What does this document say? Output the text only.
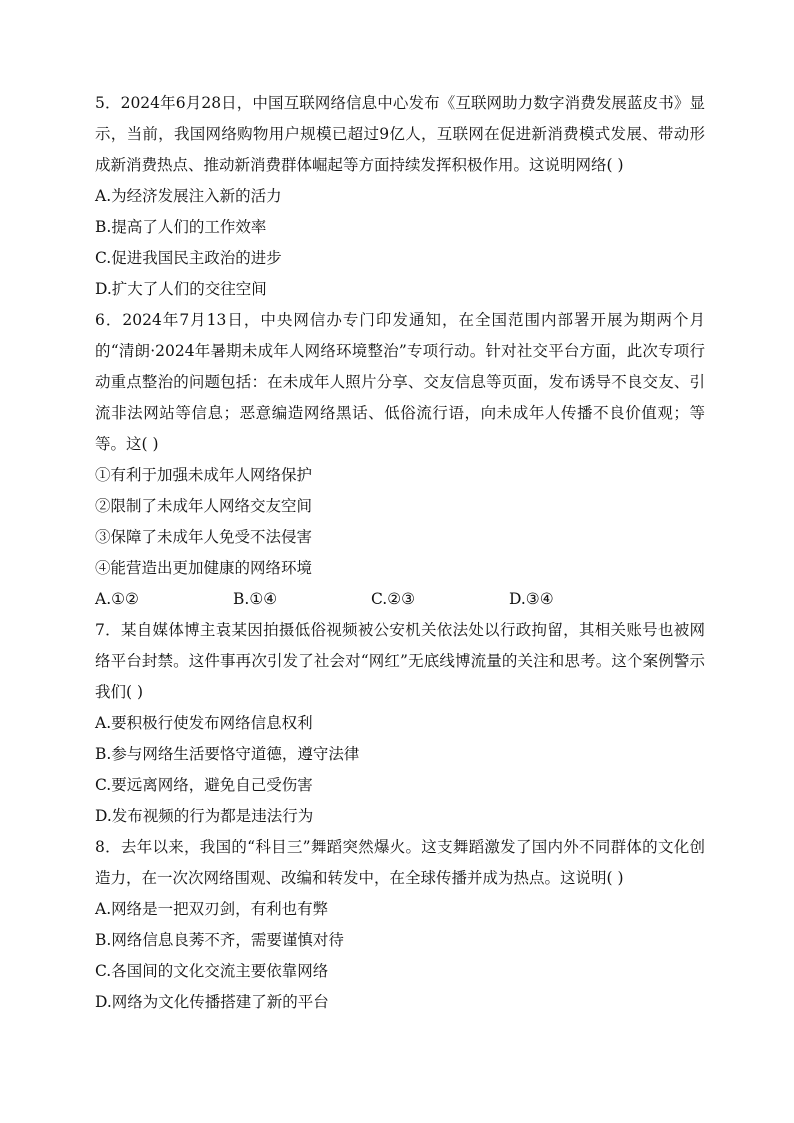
5．2024年6月28日，中国互联网络信息中心发布《互联网助力数字消费发展蓝皮书》显示，当前，我国网络购物用户规模已超过9亿人，互联网在促进新消费模式发展、带动形成新消费热点、推动新消费群体崛起等方面持续发挥积极作用。这说明网络( )

A.为经济发展注入新的活力

B.提高了人们的工作效率

C.促进我国民主政治的进步

D.扩大了人们的交往空间

6．2024年7月13日，中央网信办专门印发通知，在全国范围内部署开展为期两个月的“清朗·2024年暑期未成年人网络环境整治”专项行动。针对社交平台方面，此次专项行动重点整治的问题包括：在未成年人照片分享、交友信息等页面，发布诱导不良交友、引流非法网站等信息；恶意编造网络黑话、低俗流行语，向未成年人传播不良价值观；等等。这( )

①有利于加强未成年人网络保护

②限制了未成年人网络交友空间

③保障了未成年人免受不法侵害

④能营造出更加健康的网络环境

A.①②	B.①④	C.②③	D.③④

7．某自媒体博主袁某因拍摄低俗视频被公安机关依法处以行政拘留，其相关账号也被网络平台封禁。这件事再次引发了社会对“网红”无底线博流量的关注和思考。这个案例警示我们( )

A.要积极行使发布网络信息权利

B.参与网络生活要恪守道德，遵守法律

C.要远离网络，避免自己受伤害

D.发布视频的行为都是违法行为

8．去年以来，我国的“科目三”舞蹈突然爆火。这支舞蹈激发了国内外不同群体的文化创造力，在一次次网络围观、改编和转发中，在全球传播并成为热点。这说明( )

A.网络是一把双刃剑，有利也有弊

B.网络信息良莠不齐，需要谨慎对待

C.各国间的文化交流主要依靠网络

D.网络为文化传播搭建了新的平台
